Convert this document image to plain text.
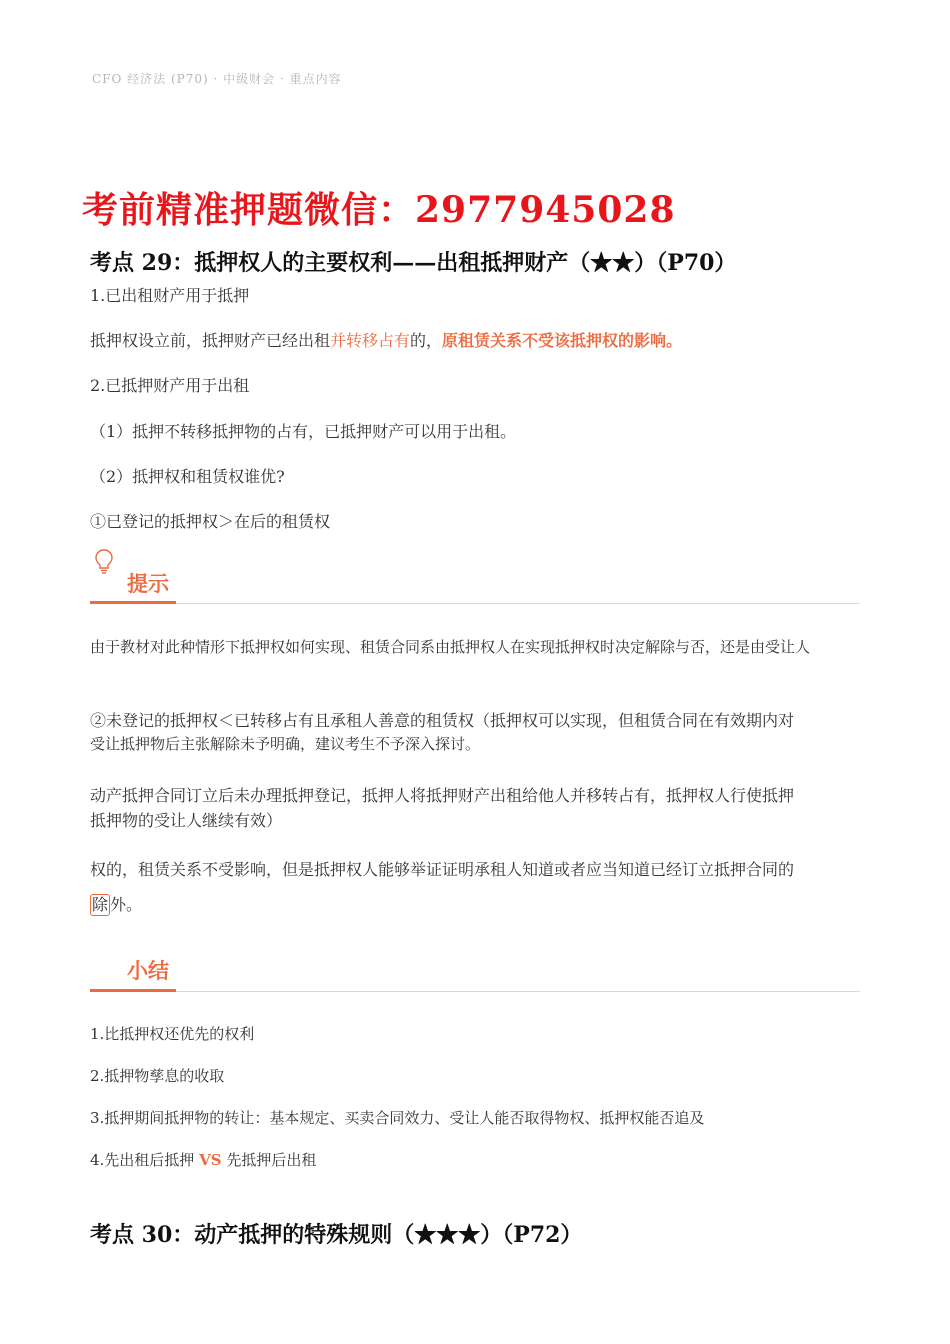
CFO 经济法 (P70) · 中级财会 · 重点内容
考前精准押题微信：2977945028
考点 29：抵押权人的主要权利——出租抵押财产（★★）（P70）
1.已出租财产用于抵押
抵押权设立前，抵押财产已经出租并转移占有的，原租赁关系不受该抵押权的影响。
2.已抵押财产用于出租
（1）抵押不转移抵押物的占有，已抵押财产可以用于出租。
（2）抵押权和租赁权谁优?
①已登记的抵押权＞在后的租赁权
提示
由于教材对此种情形下抵押权如何实现、租赁合同系由抵押权人在实现抵押权时决定解除与否，还是由受让人
②未登记的抵押权＜已转移占有且承租人善意的租赁权（抵押权可以实现，但租赁合同在有效期内对
受让抵押物后主张解除未予明确，建议考生不予深入探讨。
动产抵押合同订立后未办理抵押登记，抵押人将抵押财产出租给他人并移转占有，抵押权人行使抵押
抵押物的受让人继续有效）
权的，租赁关系不受影响，但是抵押权人能够举证证明承租人知道或者应当知道已经订立抵押合同的
除 外。
小结
1.比抵押权还优先的权利
2.抵押物孳息的收取
3.抵押期间抵押物的转让：基本规定、买卖合同效力、受让人能否取得物权、抵押权能否追及
4.先出租后抵押 VS 先抵押后出租
考点 30：动产抵押的特殊规则（★★★）（P72）
